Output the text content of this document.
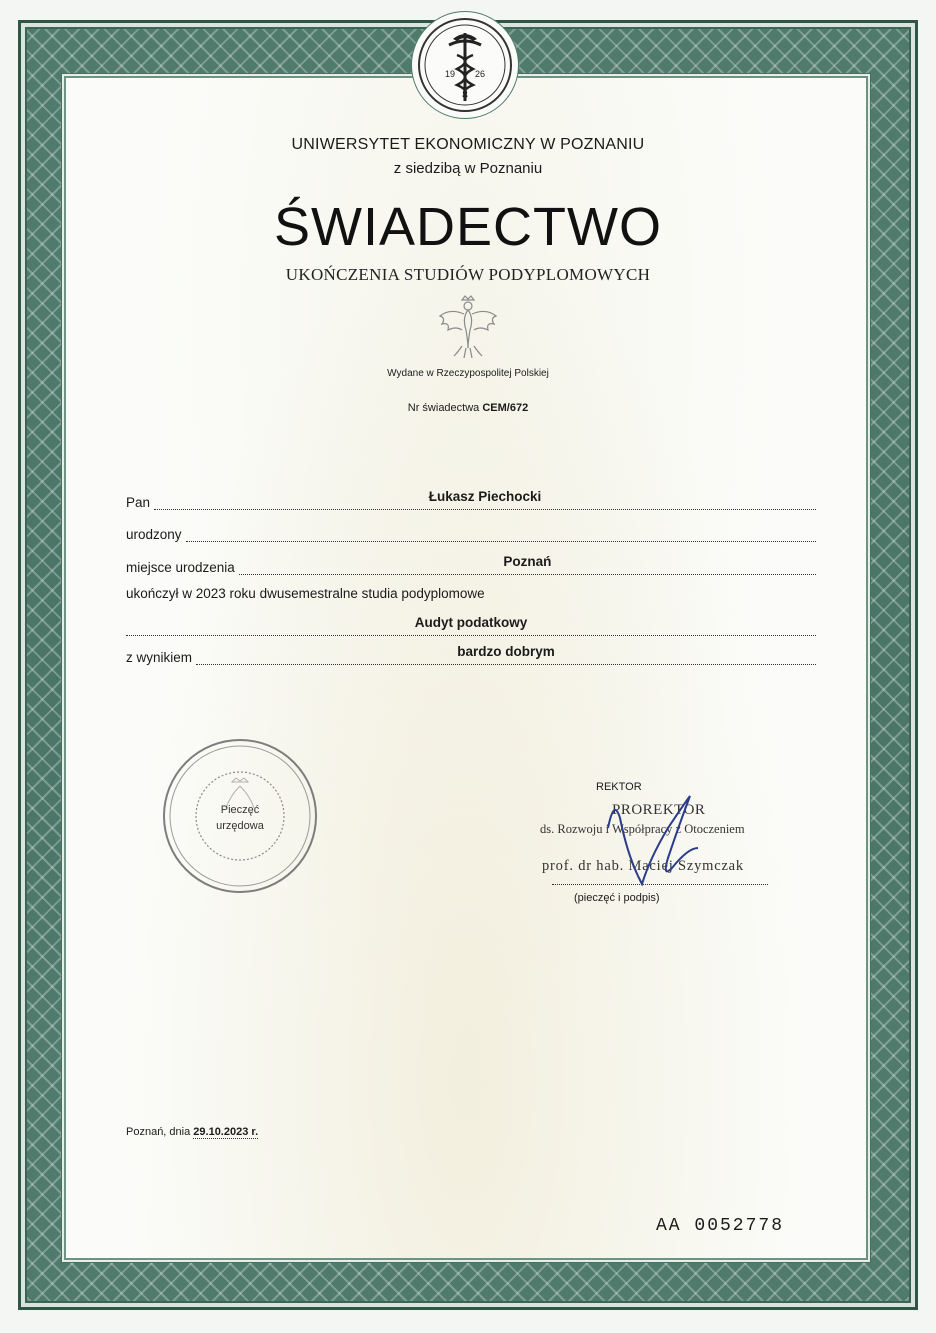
19 26
UNIWERSYTET EKONOMICZNY W POZNANIU
z siedzibą w Poznaniu
ŚWIADECTWO
UKOŃCZENIA STUDIÓW PODYPLOMOWYCH
Wydane w Rzeczypospolitej Polskiej
Nr świadectwa CEM/672
Pan	Łukasz Piechocki
urodzony
miejsce urodzenia	Poznań
ukończył w 2023 roku dwusemestralne studia podyplomowe
Audyt podatkowy
z wynikiem	bardzo dobrym
Pieczęć
urzędowa
REKTOR
PROREKTOR
ds. Rozwoju i Współpracy z Otoczeniem
prof. dr hab. Maciej Szymczak
(pieczęć i podpis)
Poznań, dnia 29.10.2023 r.
AA 0052778
